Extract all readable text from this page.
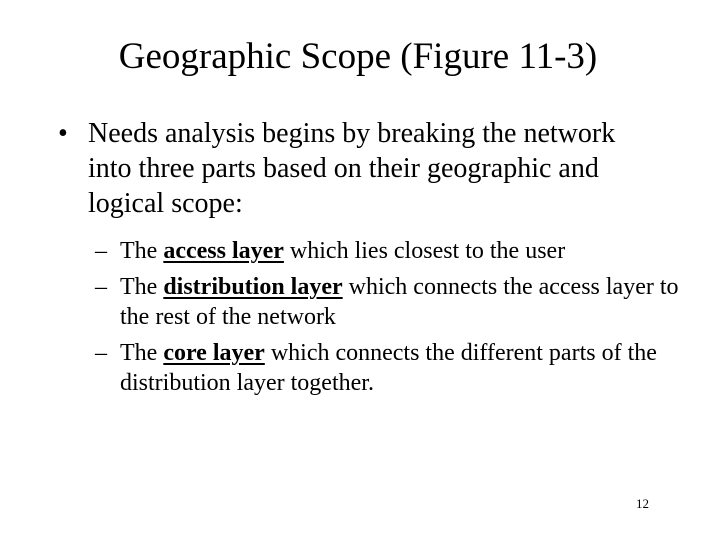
Geographic Scope (Figure 11-3)
• Needs analysis begins by breaking the network into three parts based on their geographic and logical scope:
– The access layer which lies closest to the user
– The distribution layer which connects the access layer to the rest of the network
– The core layer which connects the different parts of the distribution layer together.
12
